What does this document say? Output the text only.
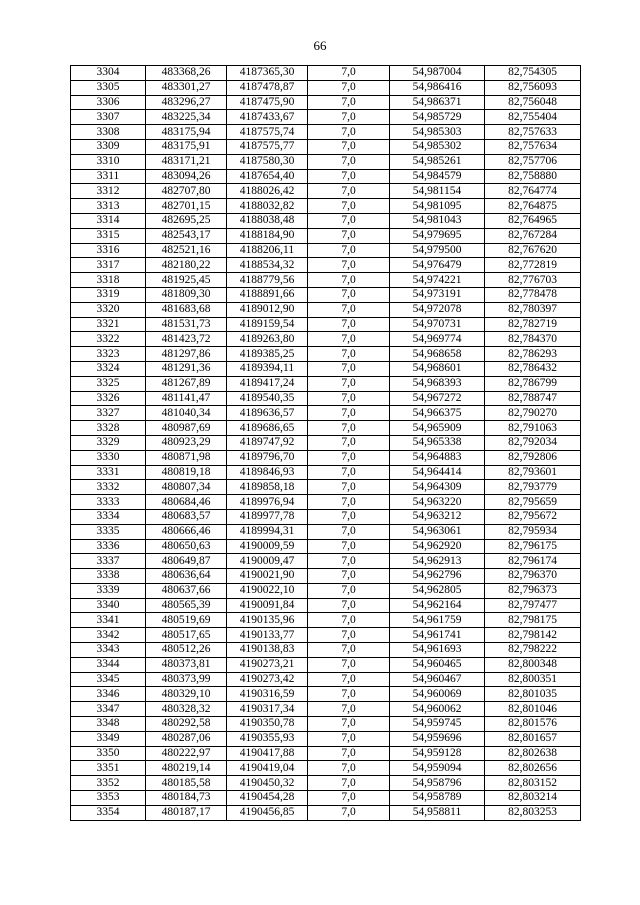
66
3304	483368,26	4187365,30	7,0	54,987004	82,754305
3305	483301,27	4187478,87	7,0	54,986416	82,756093
3306	483296,27	4187475,90	7,0	54,986371	82,756048
3307	483225,34	4187433,67	7,0	54,985729	82,755404
3308	483175,94	4187575,74	7,0	54,985303	82,757633
3309	483175,91	4187575,77	7,0	54,985302	82,757634
3310	483171,21	4187580,30	7,0	54,985261	82,757706
3311	483094,26	4187654,40	7,0	54,984579	82,758880
3312	482707,80	4188026,42	7,0	54,981154	82,764774
3313	482701,15	4188032,82	7,0	54,981095	82,764875
3314	482695,25	4188038,48	7,0	54,981043	82,764965
3315	482543,17	4188184,90	7,0	54,979695	82,767284
3316	482521,16	4188206,11	7,0	54,979500	82,767620
3317	482180,22	4188534,32	7,0	54,976479	82,772819
3318	481925,45	4188779,56	7,0	54,974221	82,776703
3319	481809,30	4188891,66	7,0	54,973191	82,778478
3320	481683,68	4189012,90	7,0	54,972078	82,780397
3321	481531,73	4189159,54	7,0	54,970731	82,782719
3322	481423,72	4189263,80	7,0	54,969774	82,784370
3323	481297,86	4189385,25	7,0	54,968658	82,786293
3324	481291,36	4189394,11	7,0	54,968601	82,786432
3325	481267,89	4189417,24	7,0	54,968393	82,786799
3326	481141,47	4189540,35	7,0	54,967272	82,788747
3327	481040,34	4189636,57	7,0	54,966375	82,790270
3328	480987,69	4189686,65	7,0	54,965909	82,791063
3329	480923,29	4189747,92	7,0	54,965338	82,792034
3330	480871,98	4189796,70	7,0	54,964883	82,792806
3331	480819,18	4189846,93	7,0	54,964414	82,793601
3332	480807,34	4189858,18	7,0	54,964309	82,793779
3333	480684,46	4189976,94	7,0	54,963220	82,795659
3334	480683,57	4189977,78	7,0	54,963212	82,795672
3335	480666,46	4189994,31	7,0	54,963061	82,795934
3336	480650,63	4190009,59	7,0	54,962920	82,796175
3337	480649,87	4190009,47	7,0	54,962913	82,796174
3338	480636,64	4190021,90	7,0	54,962796	82,796370
3339	480637,66	4190022,10	7,0	54,962805	82,796373
3340	480565,39	4190091,84	7,0	54,962164	82,797477
3341	480519,69	4190135,96	7,0	54,961759	82,798175
3342	480517,65	4190133,77	7,0	54,961741	82,798142
3343	480512,26	4190138,83	7,0	54,961693	82,798222
3344	480373,81	4190273,21	7,0	54,960465	82,800348
3345	480373,99	4190273,42	7,0	54,960467	82,800351
3346	480329,10	4190316,59	7,0	54,960069	82,801035
3347	480328,32	4190317,34	7,0	54,960062	82,801046
3348	480292,58	4190350,78	7,0	54,959745	82,801576
3349	480287,06	4190355,93	7,0	54,959696	82,801657
3350	480222,97	4190417,88	7,0	54,959128	82,802638
3351	480219,14	4190419,04	7,0	54,959094	82,802656
3352	480185,58	4190450,32	7,0	54,958796	82,803152
3353	480184,73	4190454,28	7,0	54,958789	82,803214
3354	480187,17	4190456,85	7,0	54,958811	82,803253
